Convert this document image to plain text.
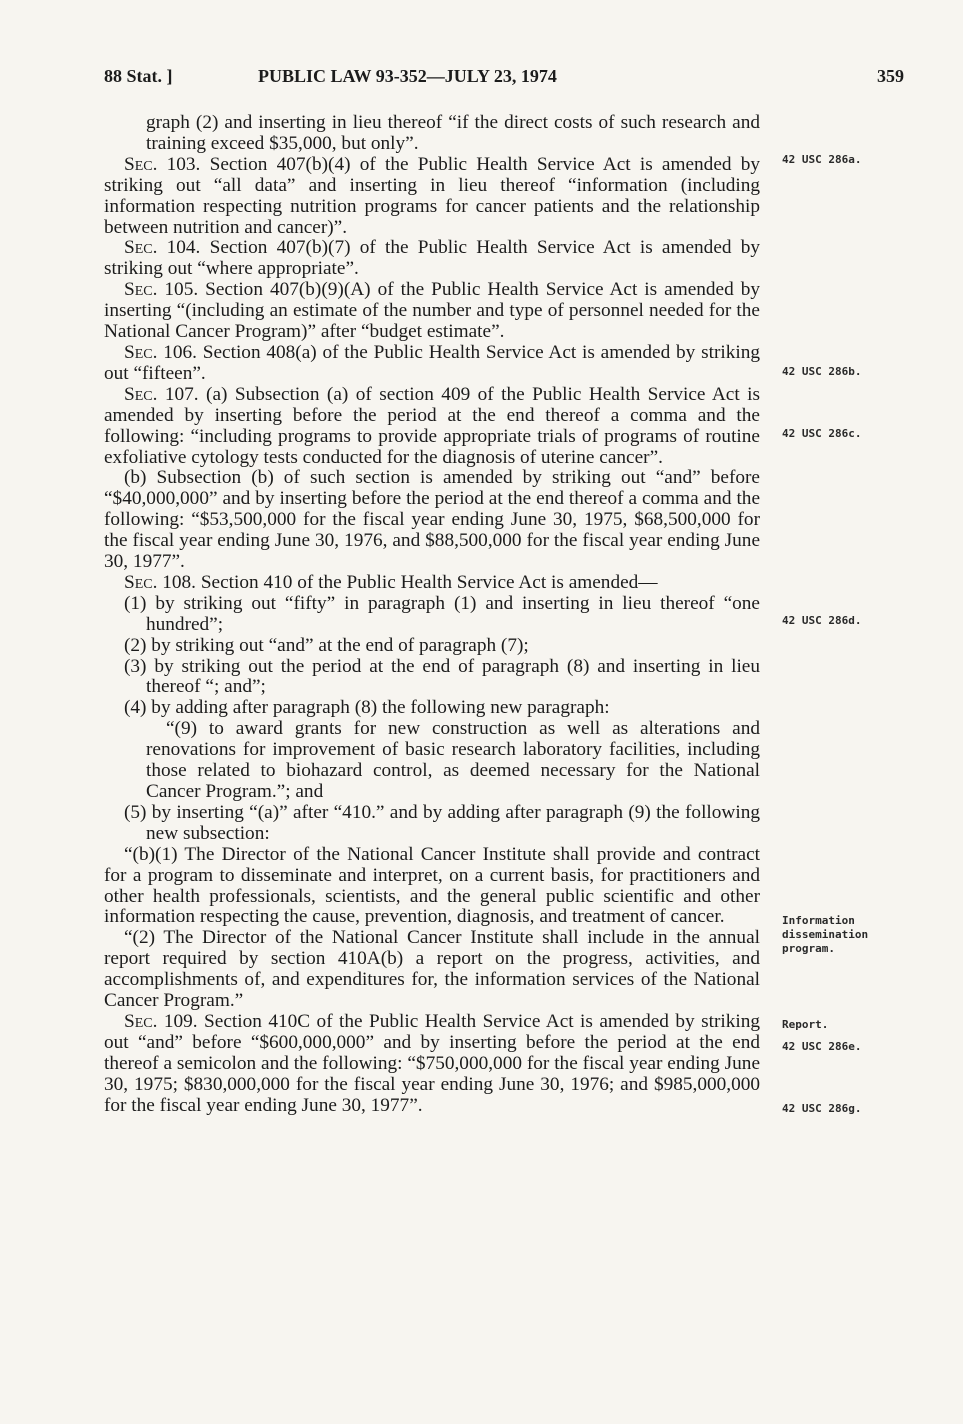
88 Stat. ]	PUBLIC LAW 93-352—JULY 23, 1974	359

graph (2) and inserting in lieu thereof “if the direct costs of such research and training exceed $35,000, but only”.

Sec. 103. Section 407(b)(4) of the Public Health Service Act is amended by striking out “all data” and inserting in lieu thereof “information (including information respecting nutrition programs for cancer patients and the relationship between nutrition and cancer)”.

Sec. 104. Section 407(b)(7) of the Public Health Service Act is amended by striking out “where appropriate”.

Sec. 105. Section 407(b)(9)(A) of the Public Health Service Act is amended by inserting “(including an estimate of the number and type of personnel needed for the National Cancer Program)” after “budget estimate”.

Sec. 106. Section 408(a) of the Public Health Service Act is amended by striking out “fifteen”.

Sec. 107. (a) Subsection (a) of section 409 of the Public Health Service Act is amended by inserting before the period at the end thereof a comma and the following: “including programs to provide appropriate trials of programs of routine exfoliative cytology tests conducted for the diagnosis of uterine cancer”.

(b) Subsection (b) of such section is amended by striking out “and” before “$40,000,000” and by inserting before the period at the end thereof a comma and the following: “$53,500,000 for the fiscal year ending June 30, 1975, $68,500,000 for the fiscal year ending June 30, 1976, and $88,500,000 for the fiscal year ending June 30, 1977”.

Sec. 108. Section 410 of the Public Health Service Act is amended—

(1) by striking out “fifty” in paragraph (1) and inserting in lieu thereof “one hundred”;

(2) by striking out “and” at the end of paragraph (7);

(3) by striking out the period at the end of paragraph (8) and inserting in lieu thereof “; and”;

(4) by adding after paragraph (8) the following new paragraph:

“(9) to award grants for new construction as well as alterations and renovations for improvement of basic research laboratory facilities, including those related to biohazard control, as deemed necessary for the National Cancer Program.”; and

(5) by inserting “(a)” after “410.” and by adding after paragraph (9) the following new subsection:

“(b)(1) The Director of the National Cancer Institute shall provide and contract for a program to disseminate and interpret, on a current basis, for practitioners and other health professionals, scientists, and the general public scientific and other information respecting the cause, prevention, diagnosis, and treatment of cancer.

“(2) The Director of the National Cancer Institute shall include in the annual report required by section 410A(b) a report on the progress, activities, and accomplishments of, and expenditures for, the information services of the National Cancer Program.”

Sec. 109. Section 410C of the Public Health Service Act is amended by striking out “and” before “$600,000,000” and by inserting before the period at the end thereof a semicolon and the following: “$750,000,000 for the fiscal year ending June 30, 1975; $830,000,000 for the fiscal year ending June 30, 1976; and $985,000,000 for the fiscal year ending June 30, 1977”.

42 USC 286a.
42 USC 286b.
42 USC 286c.
42 USC 286d.
Information
dissemination
program.
Report.
42 USC 286e.
42 USC 286g.
